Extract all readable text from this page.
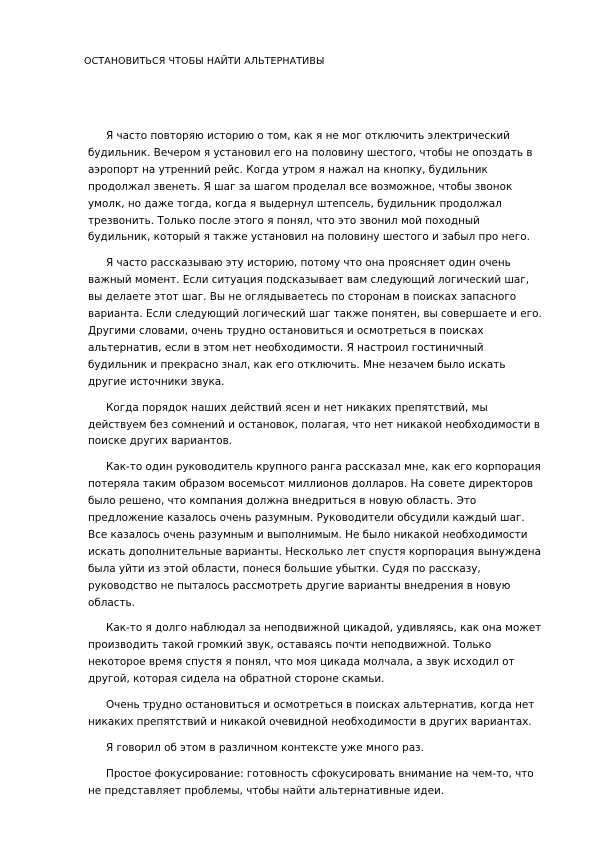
ОСТАНОВИТЬСЯ ЧТОБЫ НАЙТИ АЛЬТЕРНАТИВЫ

Я часто повторяю историю о том, как я не мог отключить электрический будильник. Вечером я установил его на половину шестого, чтобы не опоздать в аэропорт на утренний рейс. Когда утром я нажал на кнопку, будильник продолжал звенеть. Я шаг за шагом проделал все возможное, чтобы звонок умолк, но даже тогда, когда я выдернул штепсель, будильник продолжал трезвонить. Только после этого я понял, что это звонил мой походный будильник, который я также установил на половину шестого и забыл про него.

Я часто рассказываю эту историю, потому что она проясняет один очень важный момент. Если ситуация подсказывает вам следующий логический шаг, вы делаете этот шаг. Вы не оглядываетесь по сторонам в поисках запасного варианта. Если следующий логический шаг также понятен, вы совершаете и его. Другими словами, очень трудно остановиться и осмотреться в поисках альтернатив, если в этом нет необходимости. Я настроил гостиничный будильник и прекрасно знал, как его отключить. Мне незачем было искать другие источники звука.

Когда порядок наших действий ясен и нет никаких препятствий, мы действуем без сомнений и остановок, полагая, что нет никакой необходимости в поиске других вариантов.

Как-то один руководитель крупного ранга рассказал мне, как его корпорация потеряла таким образом восемьсот миллионов долларов. На совете директоров было решено, что компания должна внедриться в новую область. Это предложение казалось очень разумным. Руководители обсудили каждый шаг. Все казалось очень разумным и выполнимым. Не было никакой необходимости искать дополнительные варианты. Несколько лет спустя корпорация вынуждена была уйти из этой области, понеся большие убытки. Судя по рассказу, руководство не пыталось рассмотреть другие варианты внедрения в новую область.

Как-то я долго наблюдал за неподвижной цикадой, удивляясь, как она может производить такой громкий звук, оставаясь почти неподвижной. Только некоторое время спустя я понял, что моя цикада молчала, а звук исходил от другой, которая сидела на обратной стороне скамьи.

Очень трудно остановиться и осмотреться в поисках альтернатив, когда нет никаких препятствий и никакой очевидной необходимости в других вариантах.

Я говорил об этом в различном контексте уже много раз.

Простое фокусирование: готовность сфокусировать внимание на чем-то, что не представляет проблемы, чтобы найти альтернативные идеи.
